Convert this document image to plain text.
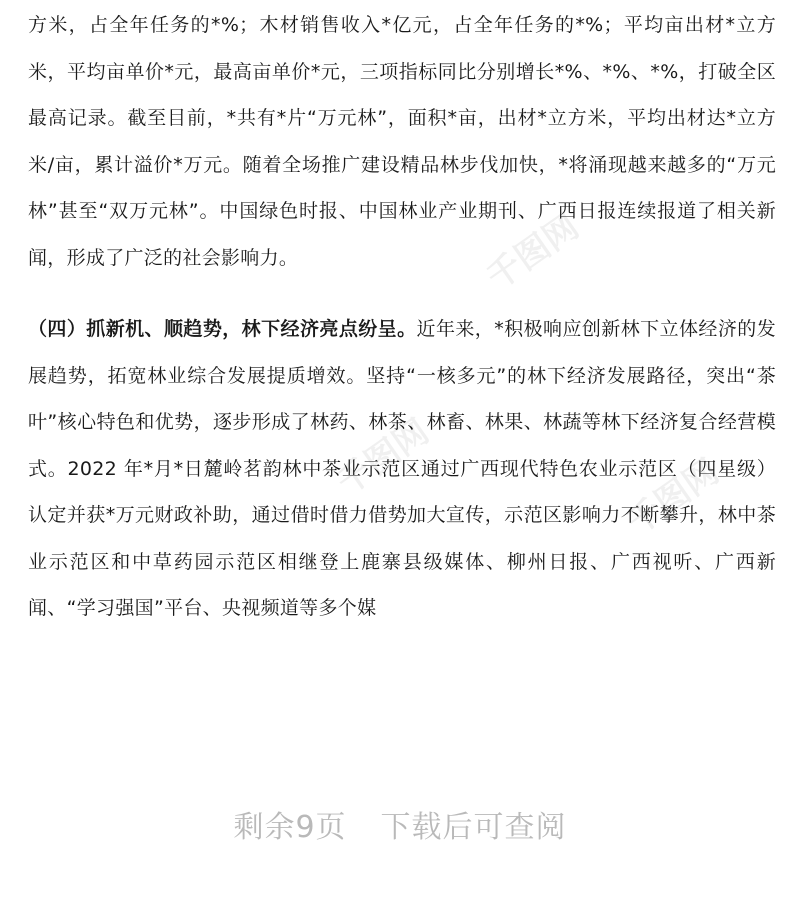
千图网
千图网	千图网

方米，占全年任务的*%；木材销售收入*亿元，占全年任务的*%；平均亩出材*立方米，平均亩单价*元，最高亩单价*元，三项指标同比分别增长*%、*%、*%，打破全区最高记录。截至目前，*共有*片“万元林”，面积*亩，出材*立方米，平均出材达*立方米/亩，累计溢价*万元。随着全场推广建设精品林步伐加快，*将涌现越来越多的“万元林”甚至“双万元林”。中国绿色时报、中国林业产业期刊、广西日报连续报道了相关新闻，形成了广泛的社会影响力。

（四）抓新机、顺趋势，林下经济亮点纷呈。近年来，*积极响应创新林下立体经济的发展趋势，拓宽林业综合发展提质增效。坚持“一核多元”的林下经济发展路径，突出“茶叶”核心特色和优势，逐步形成了林药、林茶、林畜、林果、林蔬等林下经济复合经营模式。2022 年*月*日麓岭茗韵林中茶业示范区通过广西现代特色农业示范区（四星级）认定并获*万元财政补助，通过借时借力借势加大宣传，示范区影响力不断攀升，林中茶业示范区和中草药园示范区相继登上鹿寨县级媒体、柳州日报、广西视听、广西新闻、“学习强国”平台、央视频道等多个媒

剩余9页 下载后可查阅
